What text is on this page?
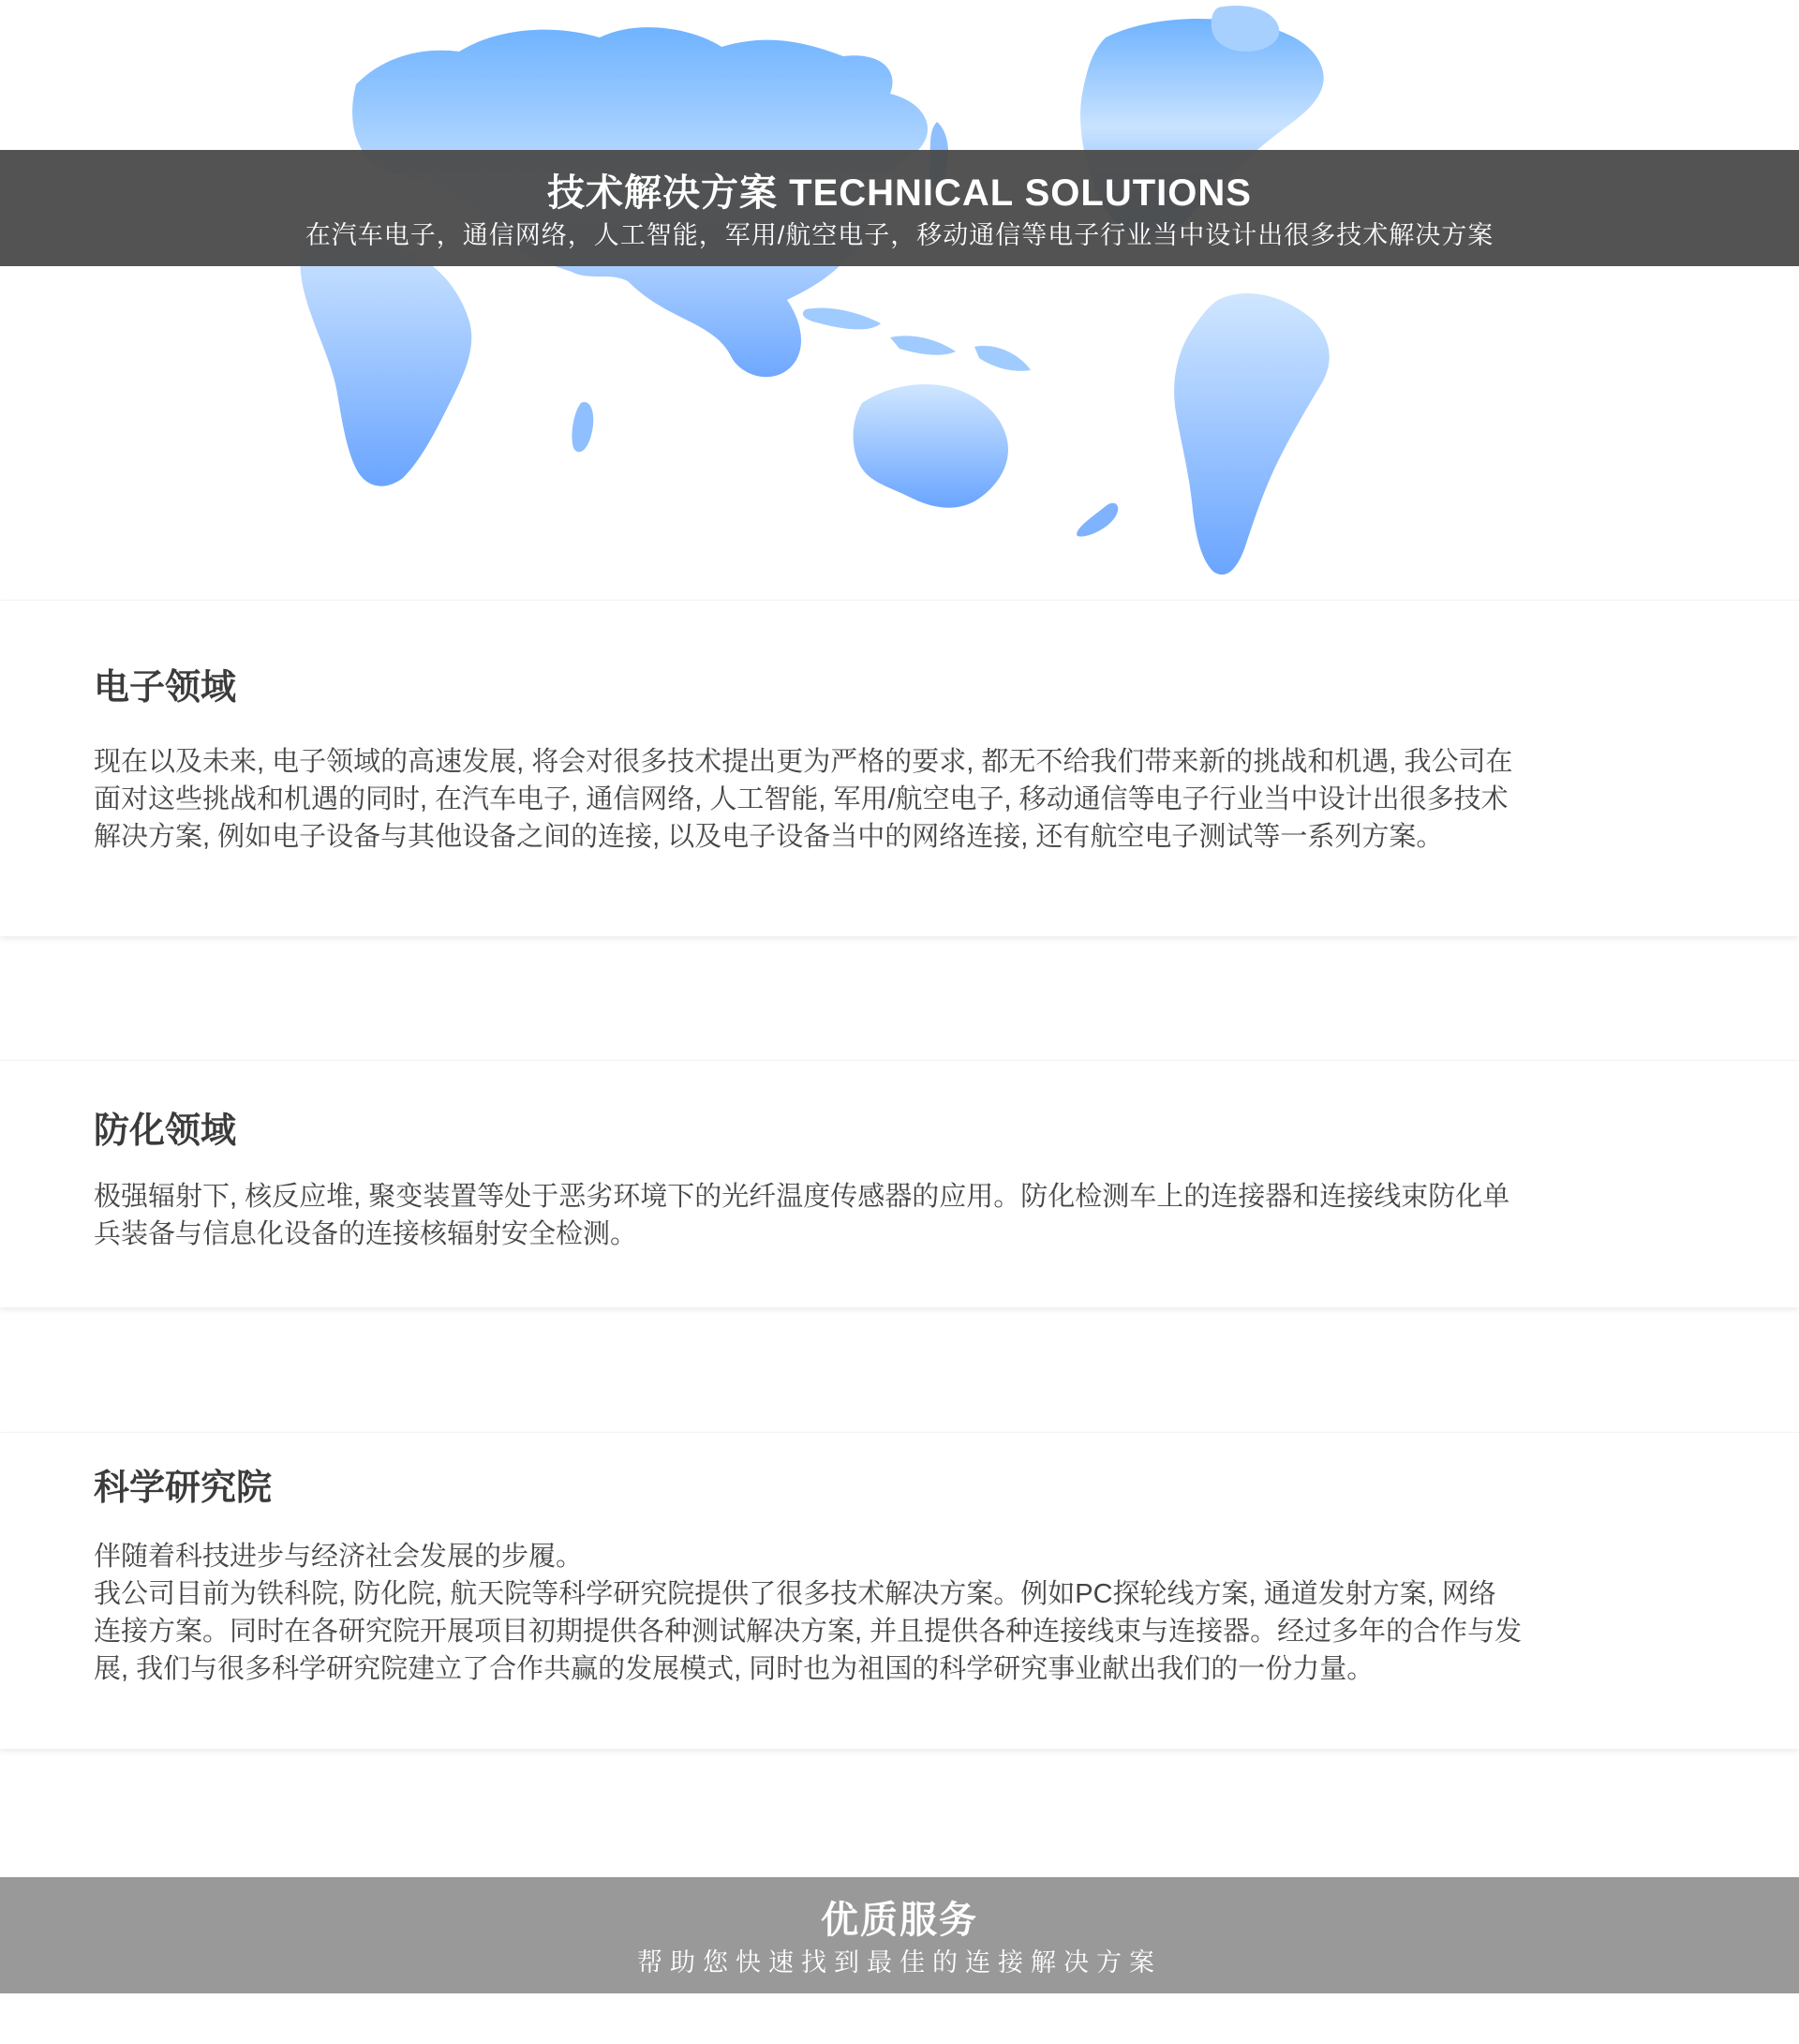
技术解决方案 TECHNICAL SOLUTIONS

在汽车电子，通信网络，人工智能，军用/航空电子，移动通信等电子行业当中设计出很多技术解决方案

电子领域

现在以及未来, 电子领域的高速发展, 将会对很多技术提出更为严格的要求, 都无不给我们带来新的挑战和机遇, 我公司在
面对这些挑战和机遇的同时, 在汽车电子, 通信网络, 人工智能, 军用/航空电子, 移动通信等电子行业当中设计出很多技术
解决方案, 例如电子设备与其他设备之间的连接, 以及电子设备当中的网络连接, 还有航空电子测试等一系列方案。

防化领域

极强辐射下, 核反应堆, 聚变装置等处于恶劣环境下的光纤温度传感器的应用。防化检测车上的连接器和连接线束防化单
兵装备与信息化设备的连接核辐射安全检测。

科学研究院

伴随着科技进步与经济社会发展的步履。
我公司目前为铁科院, 防化院, 航天院等科学研究院提供了很多技术解决方案。例如PC探轮线方案, 通道发射方案, 网络
连接方案。同时在各研究院开展项目初期提供各种测试解决方案, 并且提供各种连接线束与连接器。经过多年的合作与发
展, 我们与很多科学研究院建立了合作共赢的发展模式, 同时也为祖国的科学研究事业献出我们的一份力量。

优质服务

帮助您快速找到最佳的连接解决方案
